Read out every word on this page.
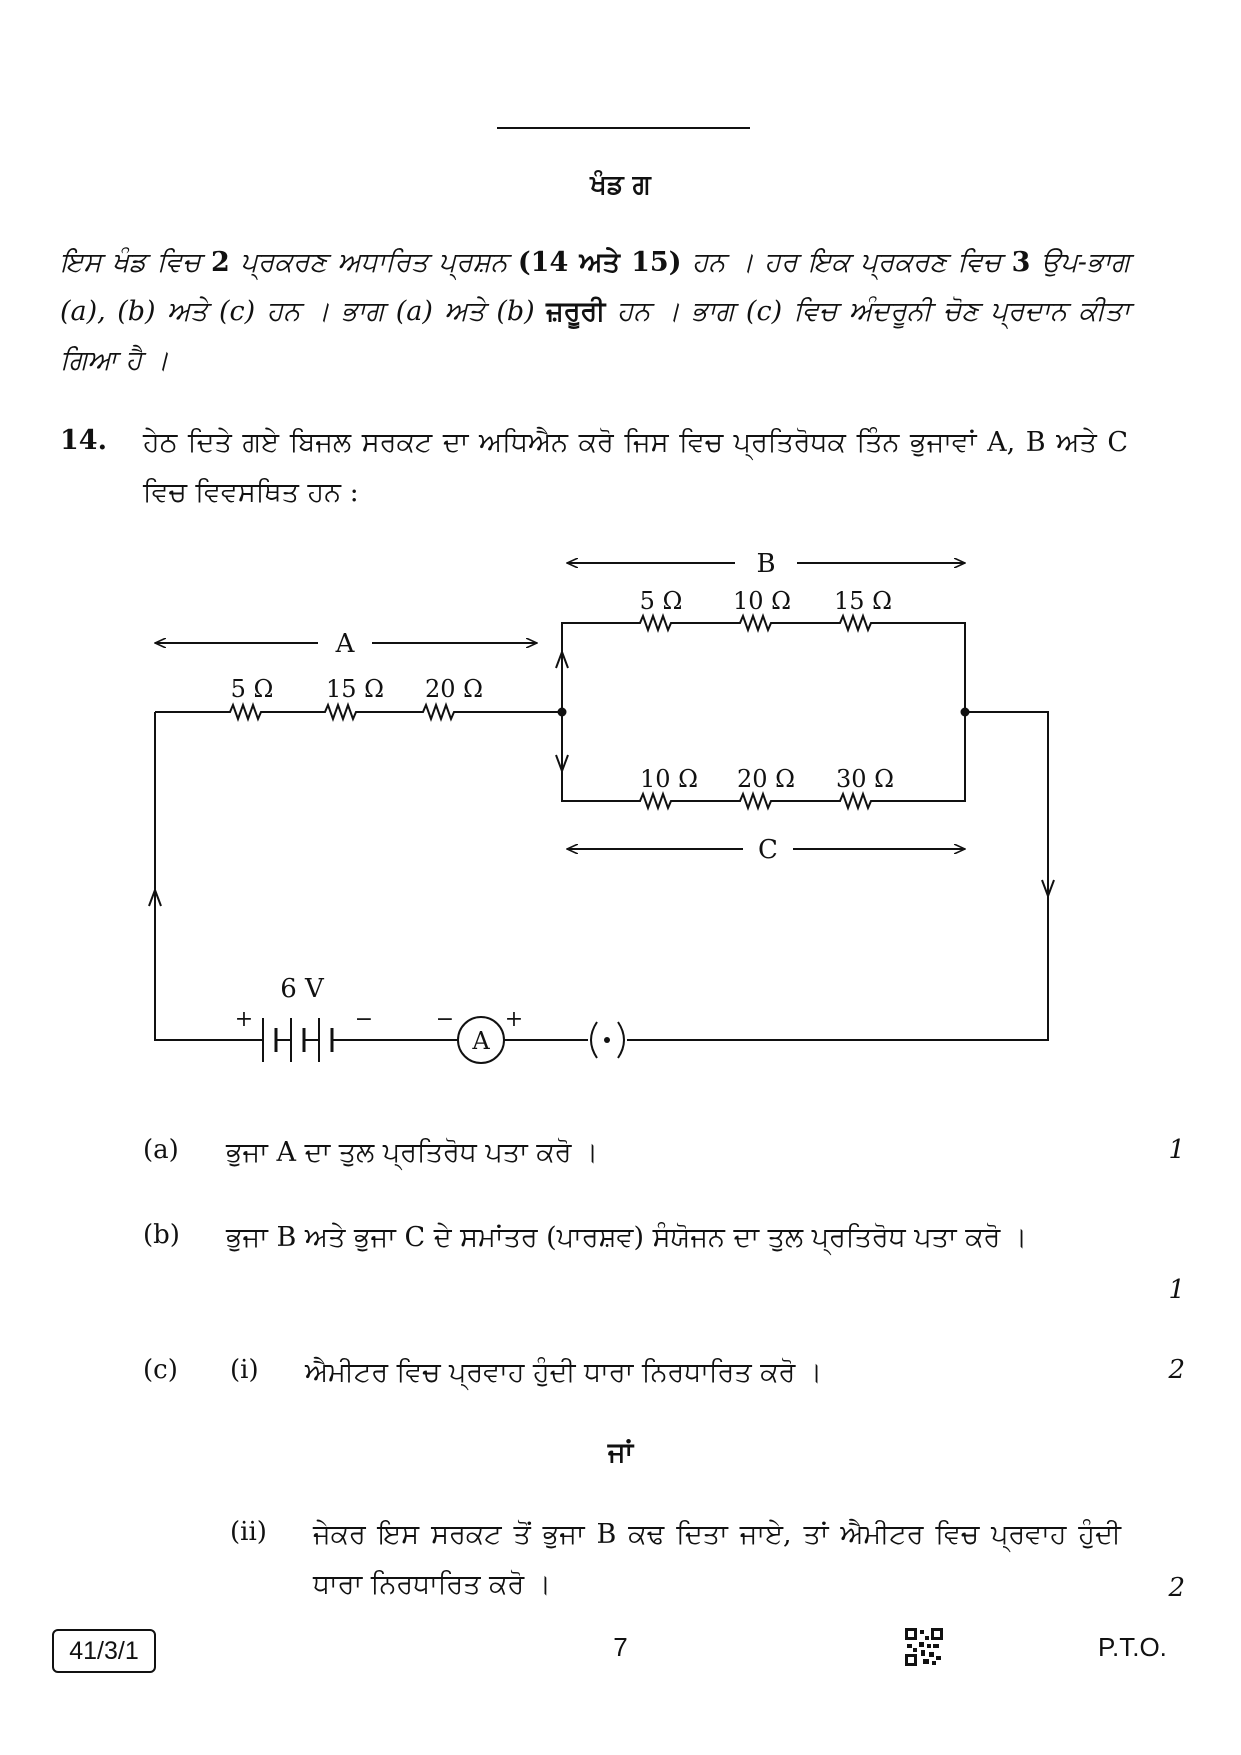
ਖੰਡ ਗ
ਇਸ ਖੰਡ ਵਿਚ 2 ਪ੍ਰਕਰਣ ਅਧਾਰਿਤ ਪ੍ਰਸ਼ਨ (14 ਅਤੇ 15) ਹਨ । ਹਰ ਇਕ ਪ੍ਰਕਰਣ ਵਿਚ 3 ਉਪ-ਭਾਗ (a), (b) ਅਤੇ (c) ਹਨ । ਭਾਗ (a) ਅਤੇ (b) ਜ਼ਰੂਰੀ ਹਨ । ਭਾਗ (c) ਵਿਚ ਅੰਦਰੂਨੀ ਚੋਣ ਪ੍ਰਦਾਨ ਕੀਤਾ ਗਿਆ ਹੈ ।
14. ਹੇਠ ਦਿਤੇ ਗਏ ਬਿਜਲ ਸਰਕਟ ਦਾ ਅਧਿਐਨ ਕਰੋ ਜਿਸ ਵਿਚ ਪ੍ਰਤਿਰੋਧਕ ਤਿੰਨ ਭੁਜਾਵਾਂ A, B ਅਤੇ C ਵਿਚ ਵਿਵਸਥਿਤ ਹਨ :
A
B
C
5 Ω 15 Ω 20 Ω
5 Ω 10 Ω 15 Ω
10 Ω 20 Ω 30 Ω
6 V
+	−
A
− +
(a) ਭੁਜਾ A ਦਾ ਤੁਲ ਪ੍ਰਤਿਰੋਧ ਪਤਾ ਕਰੋ ।	1
(b) ਭੁਜਾ B ਅਤੇ ਭੁਜਾ C ਦੇ ਸਮਾਂਤਰ (ਪਾਰਸ਼ਵ) ਸੰਯੋਜਨ ਦਾ ਤੁਲ ਪ੍ਰਤਿਰੋਧ ਪਤਾ ਕਰੋ ।
1
(c) (i) ਐਮੀਟਰ ਵਿਚ ਪ੍ਰਵਾਹ ਹੁੰਦੀ ਧਾਰਾ ਨਿਰਧਾਰਿਤ ਕਰੋ ।	2
ਜਾਂ
(ii) ਜੇਕਰ ਇਸ ਸਰਕਟ ਤੋਂ ਭੁਜਾ B ਕਢ ਦਿਤਾ ਜਾਏ, ਤਾਂ ਐਮੀਟਰ ਵਿਚ ਪ੍ਰਵਾਹ ਹੁੰਦੀ ਧਾਰਾ ਨਿਰਧਾਰਿਤ ਕਰੋ ।	2
41/3/1	7	P.T.O.
